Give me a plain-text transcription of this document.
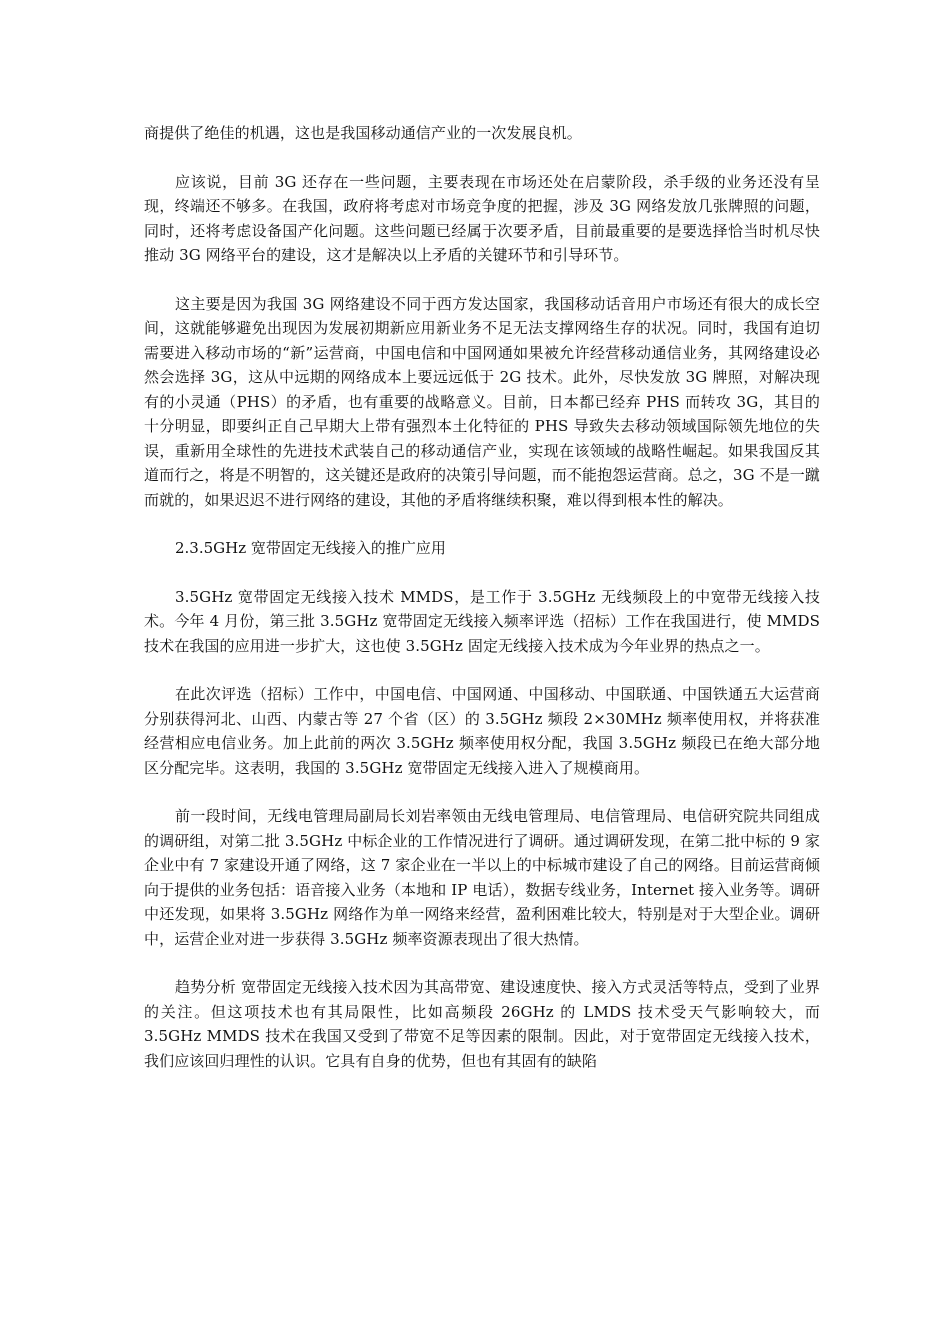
商提供了绝佳的机遇，这也是我国移动通信产业的一次发展良机。

应该说，目前 3G 还存在一些问题，主要表现在市场还处在启蒙阶段，杀手级的业务还没有呈现，终端还不够多。在我国，政府将考虑对市场竞争度的把握，涉及 3G 网络发放几张牌照的问题，同时，还将考虑设备国产化问题。这些问题已经属于次要矛盾，目前最重要的是要选择恰当时机尽快推动 3G 网络平台的建设，这才是解决以上矛盾的关键环节和引导环节。

这主要是因为我国 3G 网络建设不同于西方发达国家，我国移动话音用户市场还有很大的成长空间，这就能够避免出现因为发展初期新应用新业务不足无法支撑网络生存的状况。同时，我国有迫切需要进入移动市场的“新”运营商，中国电信和中国网通如果被允许经营移动通信业务，其网络建设必然会选择 3G，这从中远期的网络成本上要远远低于 2G 技术。此外，尽快发放 3G 牌照，对解决现有的小灵通（PHS）的矛盾，也有重要的战略意义。目前，日本都已经弃 PHS 而转攻 3G，其目的十分明显，即要纠正自己早期大上带有强烈本土化特征的 PHS 导致失去移动领域国际领先地位的失误，重新用全球性的先进技术武装自己的移动通信产业，实现在该领域的战略性崛起。如果我国反其道而行之，将是不明智的，这关键还是政府的决策引导问题，而不能抱怨运营商。总之，3G 不是一蹴而就的，如果迟迟不进行网络的建设，其他的矛盾将继续积聚，难以得到根本性的解决。

2.3.5GHz 宽带固定无线接入的推广应用

3.5GHz 宽带固定无线接入技术 MMDS，是工作于 3.5GHz 无线频段上的中宽带无线接入技术。今年 4 月份，第三批 3.5GHz 宽带固定无线接入频率评选（招标）工作在我国进行，使 MMDS 技术在我国的应用进一步扩大，这也使 3.5GHz 固定无线接入技术成为今年业界的热点之一。

在此次评选（招标）工作中，中国电信、中国网通、中国移动、中国联通、中国铁通五大运营商分别获得河北、山西、内蒙古等 27 个省（区）的 3.5GHz 频段 2×30MHz 频率使用权，并将获准经营相应电信业务。加上此前的两次 3.5GHz 频率使用权分配，我国 3.5GHz 频段已在绝大部分地区分配完毕。这表明，我国的 3.5GHz 宽带固定无线接入进入了规模商用。

前一段时间，无线电管理局副局长刘岩率领由无线电管理局、电信管理局、电信研究院共同组成的调研组，对第二批 3.5GHz 中标企业的工作情况进行了调研。通过调研发现，在第二批中标的 9 家企业中有 7 家建设开通了网络，这 7 家企业在一半以上的中标城市建设了自己的网络。目前运营商倾向于提供的业务包括：语音接入业务（本地和 IP 电话），数据专线业务，Internet 接入业务等。调研中还发现，如果将 3.5GHz 网络作为单一网络来经营，盈利困难比较大，特别是对于大型企业。调研中，运营企业对进一步获得 3.5GHz 频率资源表现出了很大热情。

趋势分析 宽带固定无线接入技术因为其高带宽、建设速度快、接入方式灵活等特点，受到了业界的关注。但这项技术也有其局限性，比如高频段 26GHz 的 LMDS 技术受天气影响较大，而 3.5GHz MMDS 技术在我国又受到了带宽不足等因素的限制。因此，对于宽带固定无线接入技术，我们应该回归理性的认识。它具有自身的优势，但也有其固有的缺陷
